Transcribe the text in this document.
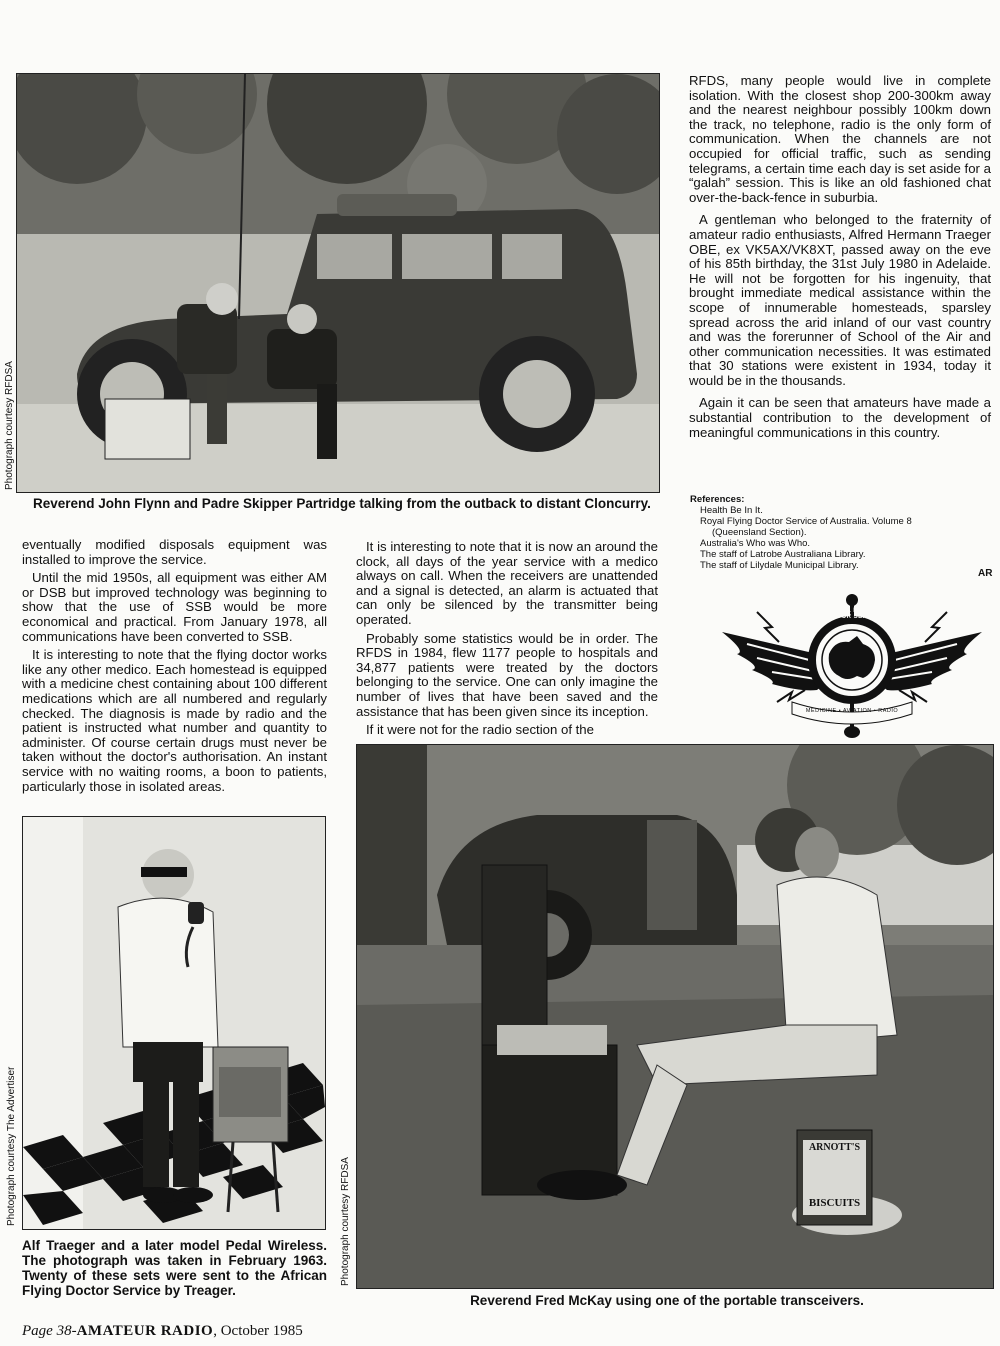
Photograph courtesy RFDSA
Reverend John Flynn and Padre Skipper Partridge talking from the outback to distant Cloncurry.

RFDS, many people would live in complete isolation. With the closest shop 200-300km away and the nearest neighbour possibly 100km down the track, no telephone, radio is the only form of communication. When the channels are not occupied for official traffic, such as sending telegrams, a certain time each day is set aside for a “galah” session. This is like an old fashioned chat over-the-back-fence in suburbia.

A gentleman who belonged to the fraternity of amateur radio enthusiasts, Alfred Hermann Traeger OBE, ex VK5AX/VK8XT, passed away on the eve of his 85th birthday, the 31st July 1980 in Adelaide. He will not be forgotten for his ingenuity, that brought immediate medical assistance within the scope of innumerable homesteads, sparsley spread across the arid inland of our vast country and was the forerunner of School of the Air and other communication necessities. It was estimated that 30 stations were existent in 1934, today it would be in the thousands.

Again it can be seen that amateurs have made a substantial contribution to the development of meaningful communications in this country.

References:
Health Be In It.
Royal Flying Doctor Service of Australia. Volume 8
(Queensland Section).
Australia's Who was Who.
The staff of Latrobe Australiana Library.
The staff of Lilydale Municipal Library.
AR
ROYAL FLYING DOCTOR SERVICE
MEDICINE • AVIATION • RADIO

eventually modified disposals equipment was installed to improve the service.

Until the mid 1950s, all equipment was either AM or DSB but improved technology was beginning to show that the use of SSB would be more economical and practical. From January 1978, all communications have been converted to SSB.

It is interesting to note that the flying doctor works like any other medico. Each homestead is equipped with a medicine chest containing about 100 different medications which are all numbered and regularly checked. The diagnosis is made by radio and the patient is instructed what number and quantity to administer. Of course certain drugs must never be taken without the doctor's authorisation. An instant service with no waiting rooms, a boon to patients, particularly those in isolated areas.

It is interesting to note that it is now an around the clock, all days of the year service with a medico always on call. When the receivers are unattended and a signal is detected, an alarm is actuated that can only be silenced by the transmitter being operated.

Probably some statistics would be in order. The RFDS in 1984, flew 1177 people to hospitals and 34,877 patients were treated by the doctors belonging to the service. One can only imagine the number of lives that have been saved and the assistance that has been given since its inception.

If it were not for the radio section of the

Photograph courtesy The Advertiser
Alf Traeger and a later model Pedal Wireless. The photograph was taken in February 1963. Twenty of these sets were sent to the African Flying Doctor Service by Treager.
ARNOTT'S
BISCUITS
Photograph courtesy RFDSA
Reverend Fred McKay using one of the portable transceivers.
Page 38-AMATEUR RADIO, October 1985
